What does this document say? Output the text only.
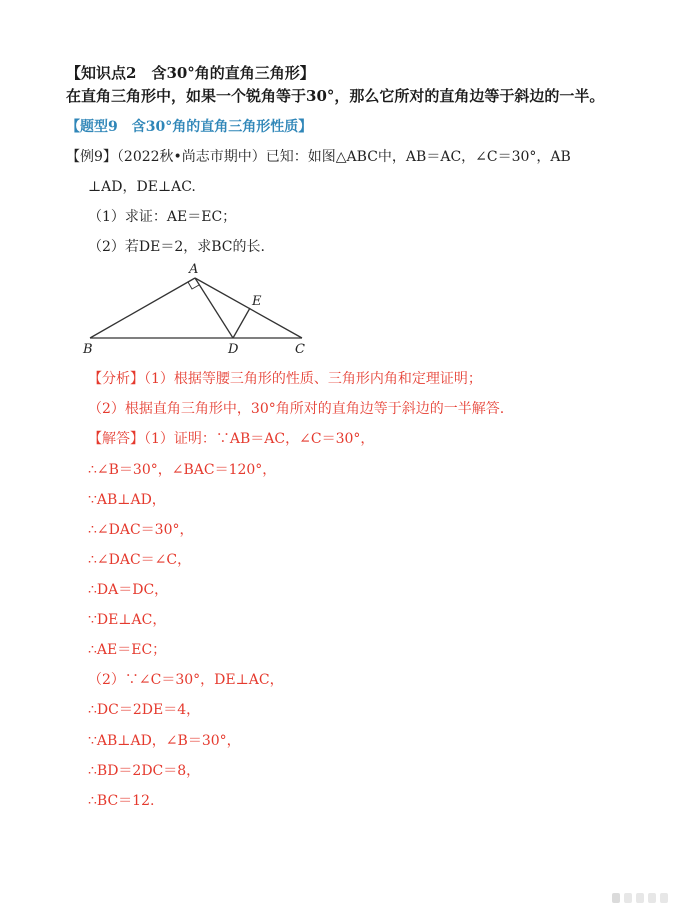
【知识点2　含30°角的直角三角形】
在直角三角形中，如果一个锐角等于30°，那么它所对的直角边等于斜边的一半。
【题型9　含30°角的直角三角形性质】
【例9】（2022秋•尚志市期中）已知：如图△ABC中，AB＝AC，∠C＝30°，AB
⊥AD，DE⊥AC.
（1）求证：AE＝EC；
（2）若DE＝2，求BC的长.
A
B	D	C
E
【分析】（1）根据等腰三角形的性质、三角形内角和定理证明；
（2）根据直角三角形中，30°角所对的直角边等于斜边的一半解答.
【解答】（1）证明：∵AB＝AC，∠C＝30°，
∴∠B＝30°，∠BAC＝120°，
∵AB⊥AD，
∴∠DAC＝30°，
∴∠DAC＝∠C，
∴DA＝DC，
∵DE⊥AC，
∴AE＝EC；
（2）∵∠C＝30°，DE⊥AC，
∴DC＝2DE＝4，
∵AB⊥AD，∠B＝30°，
∴BD＝2DC＝8，
∴BC＝12.
